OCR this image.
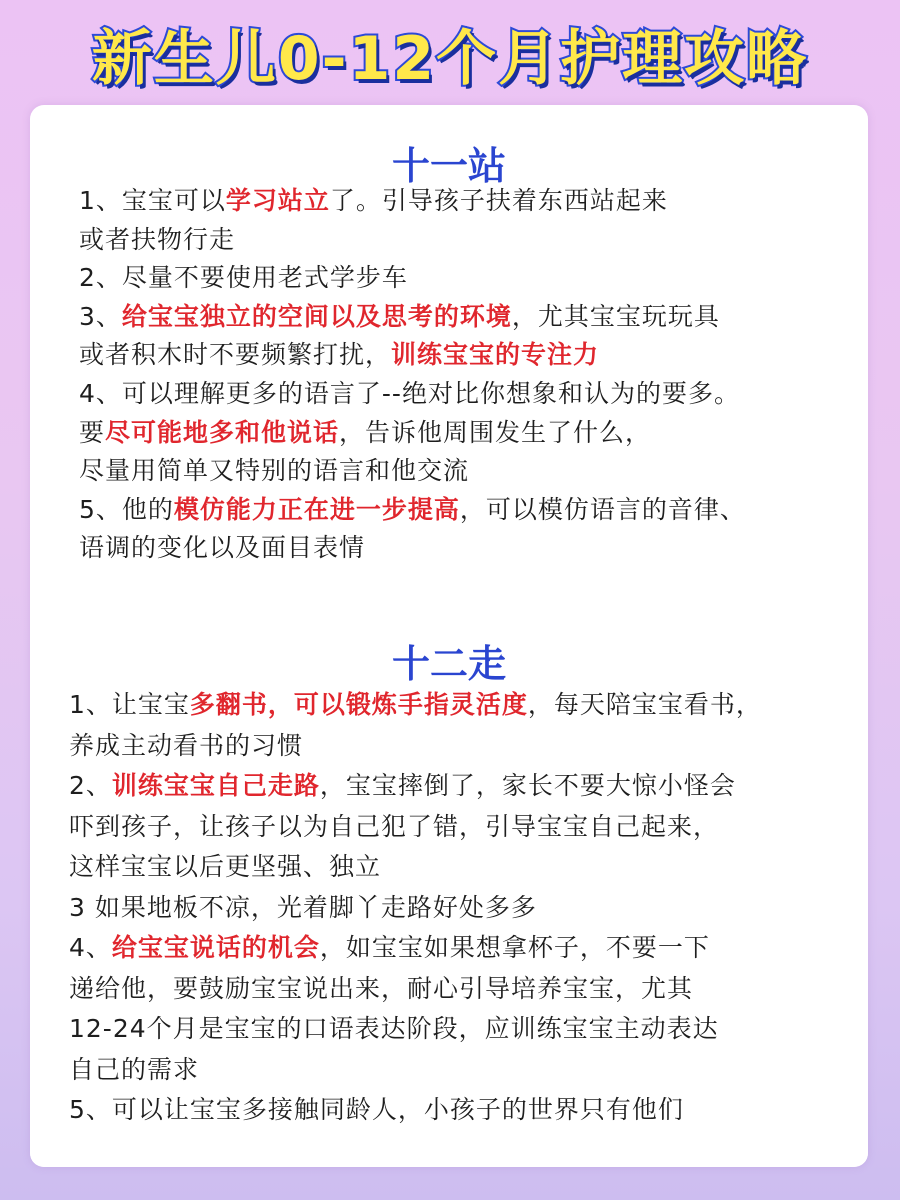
新生儿0-12个月护理攻略
十一站
1、宝宝可以学习站立了。引导孩子扶着东西站起来
或者扶物行走
2、尽量不要使用老式学步车
3、给宝宝独立的空间以及思考的环境，尤其宝宝玩玩具
或者积木时不要频繁打扰，训练宝宝的专注力
4、可以理解更多的语言了--绝对比你想象和认为的要多。
要尽可能地多和他说话，告诉他周围发生了什么，
尽量用简单又特别的语言和他交流
5、他的模仿能力正在进一步提高，可以模仿语言的音律、
语调的变化以及面目表情
十二走
1、让宝宝多翻书，可以锻炼手指灵活度，每天陪宝宝看书，
养成主动看书的习惯
2、训练宝宝自己走路，宝宝摔倒了，家长不要大惊小怪会
吓到孩子，让孩子以为自己犯了错，引导宝宝自己起来，
这样宝宝以后更坚强、独立
3 如果地板不凉，光着脚丫走路好处多多
4、给宝宝说话的机会，如宝宝如果想拿杯子，不要一下
递给他，要鼓励宝宝说出来，耐心引导培养宝宝，尤其
12-24个月是宝宝的口语表达阶段，应训练宝宝主动表达
自己的需求
5、可以让宝宝多接触同龄人，小孩子的世界只有他们
